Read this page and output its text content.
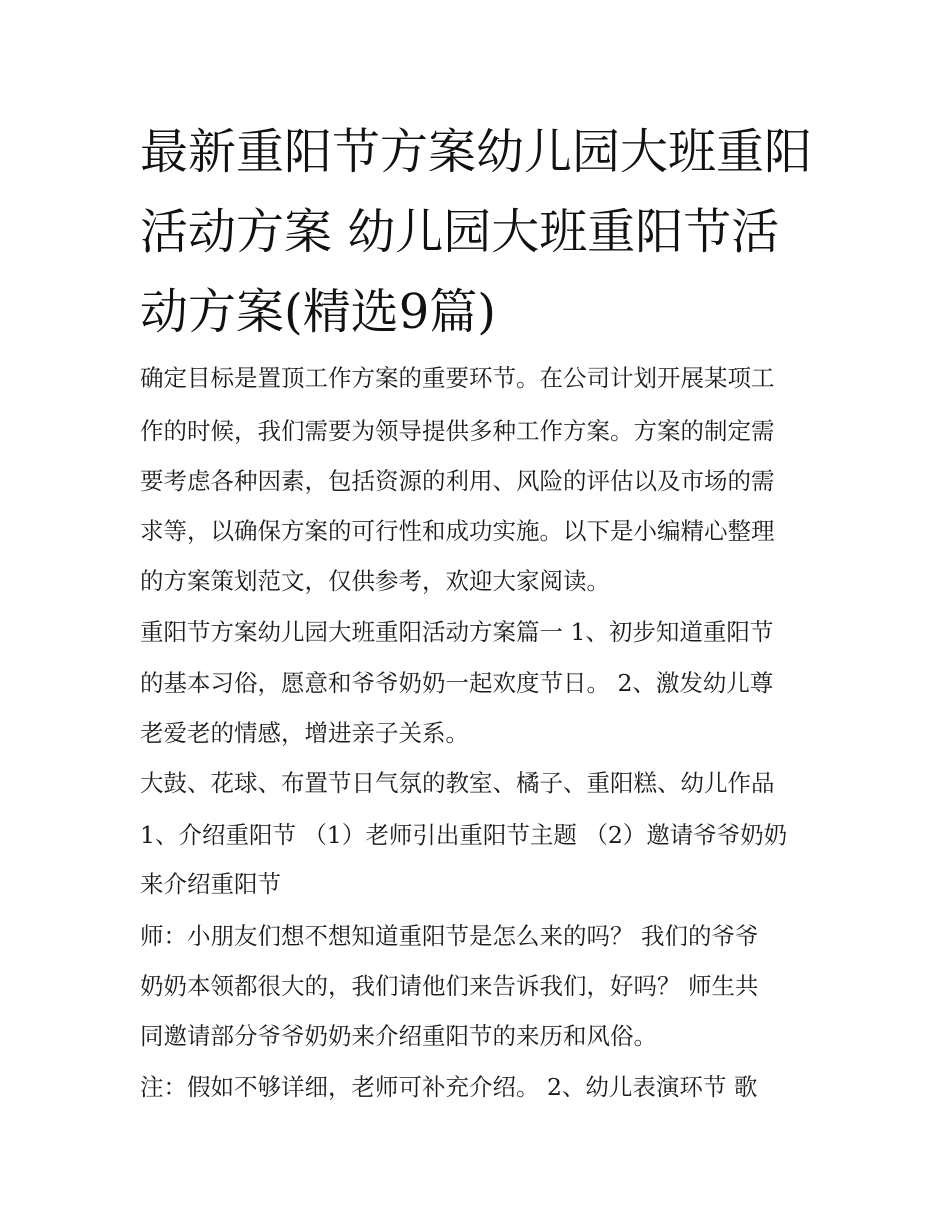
最新重阳节方案幼儿园大班重阳活动方案 幼儿园大班重阳节活动方案(精选9篇)
确定目标是置顶工作方案的重要环节。在公司计划开展某项工
作的时候，我们需要为领导提供多种工作方案。方案的制定需
要考虑各种因素，包括资源的利用、风险的评估以及市场的需
求等，以确保方案的可行性和成功实施。以下是小编精心整理
的方案策划范文，仅供参考，欢迎大家阅读。
重阳节方案幼儿园大班重阳活动方案篇一 1、初步知道重阳节
的基本习俗，愿意和爷爷奶奶一起欢度节日。 2、激发幼儿尊
老爱老的情感，增进亲子关系。
大鼓、花球、布置节日气氛的教室、橘子、重阳糕、幼儿作品
1、介绍重阳节 （1）老师引出重阳节主题 （2）邀请爷爷奶奶
来介绍重阳节
师：小朋友们想不想知道重阳节是怎么来的吗？ 我们的爷爷
奶奶本领都很大的，我们请他们来告诉我们，好吗？ 师生共
同邀请部分爷爷奶奶来介绍重阳节的来历和风俗。
注：假如不够详细，老师可补充介绍。 2、幼儿表演环节 歌
